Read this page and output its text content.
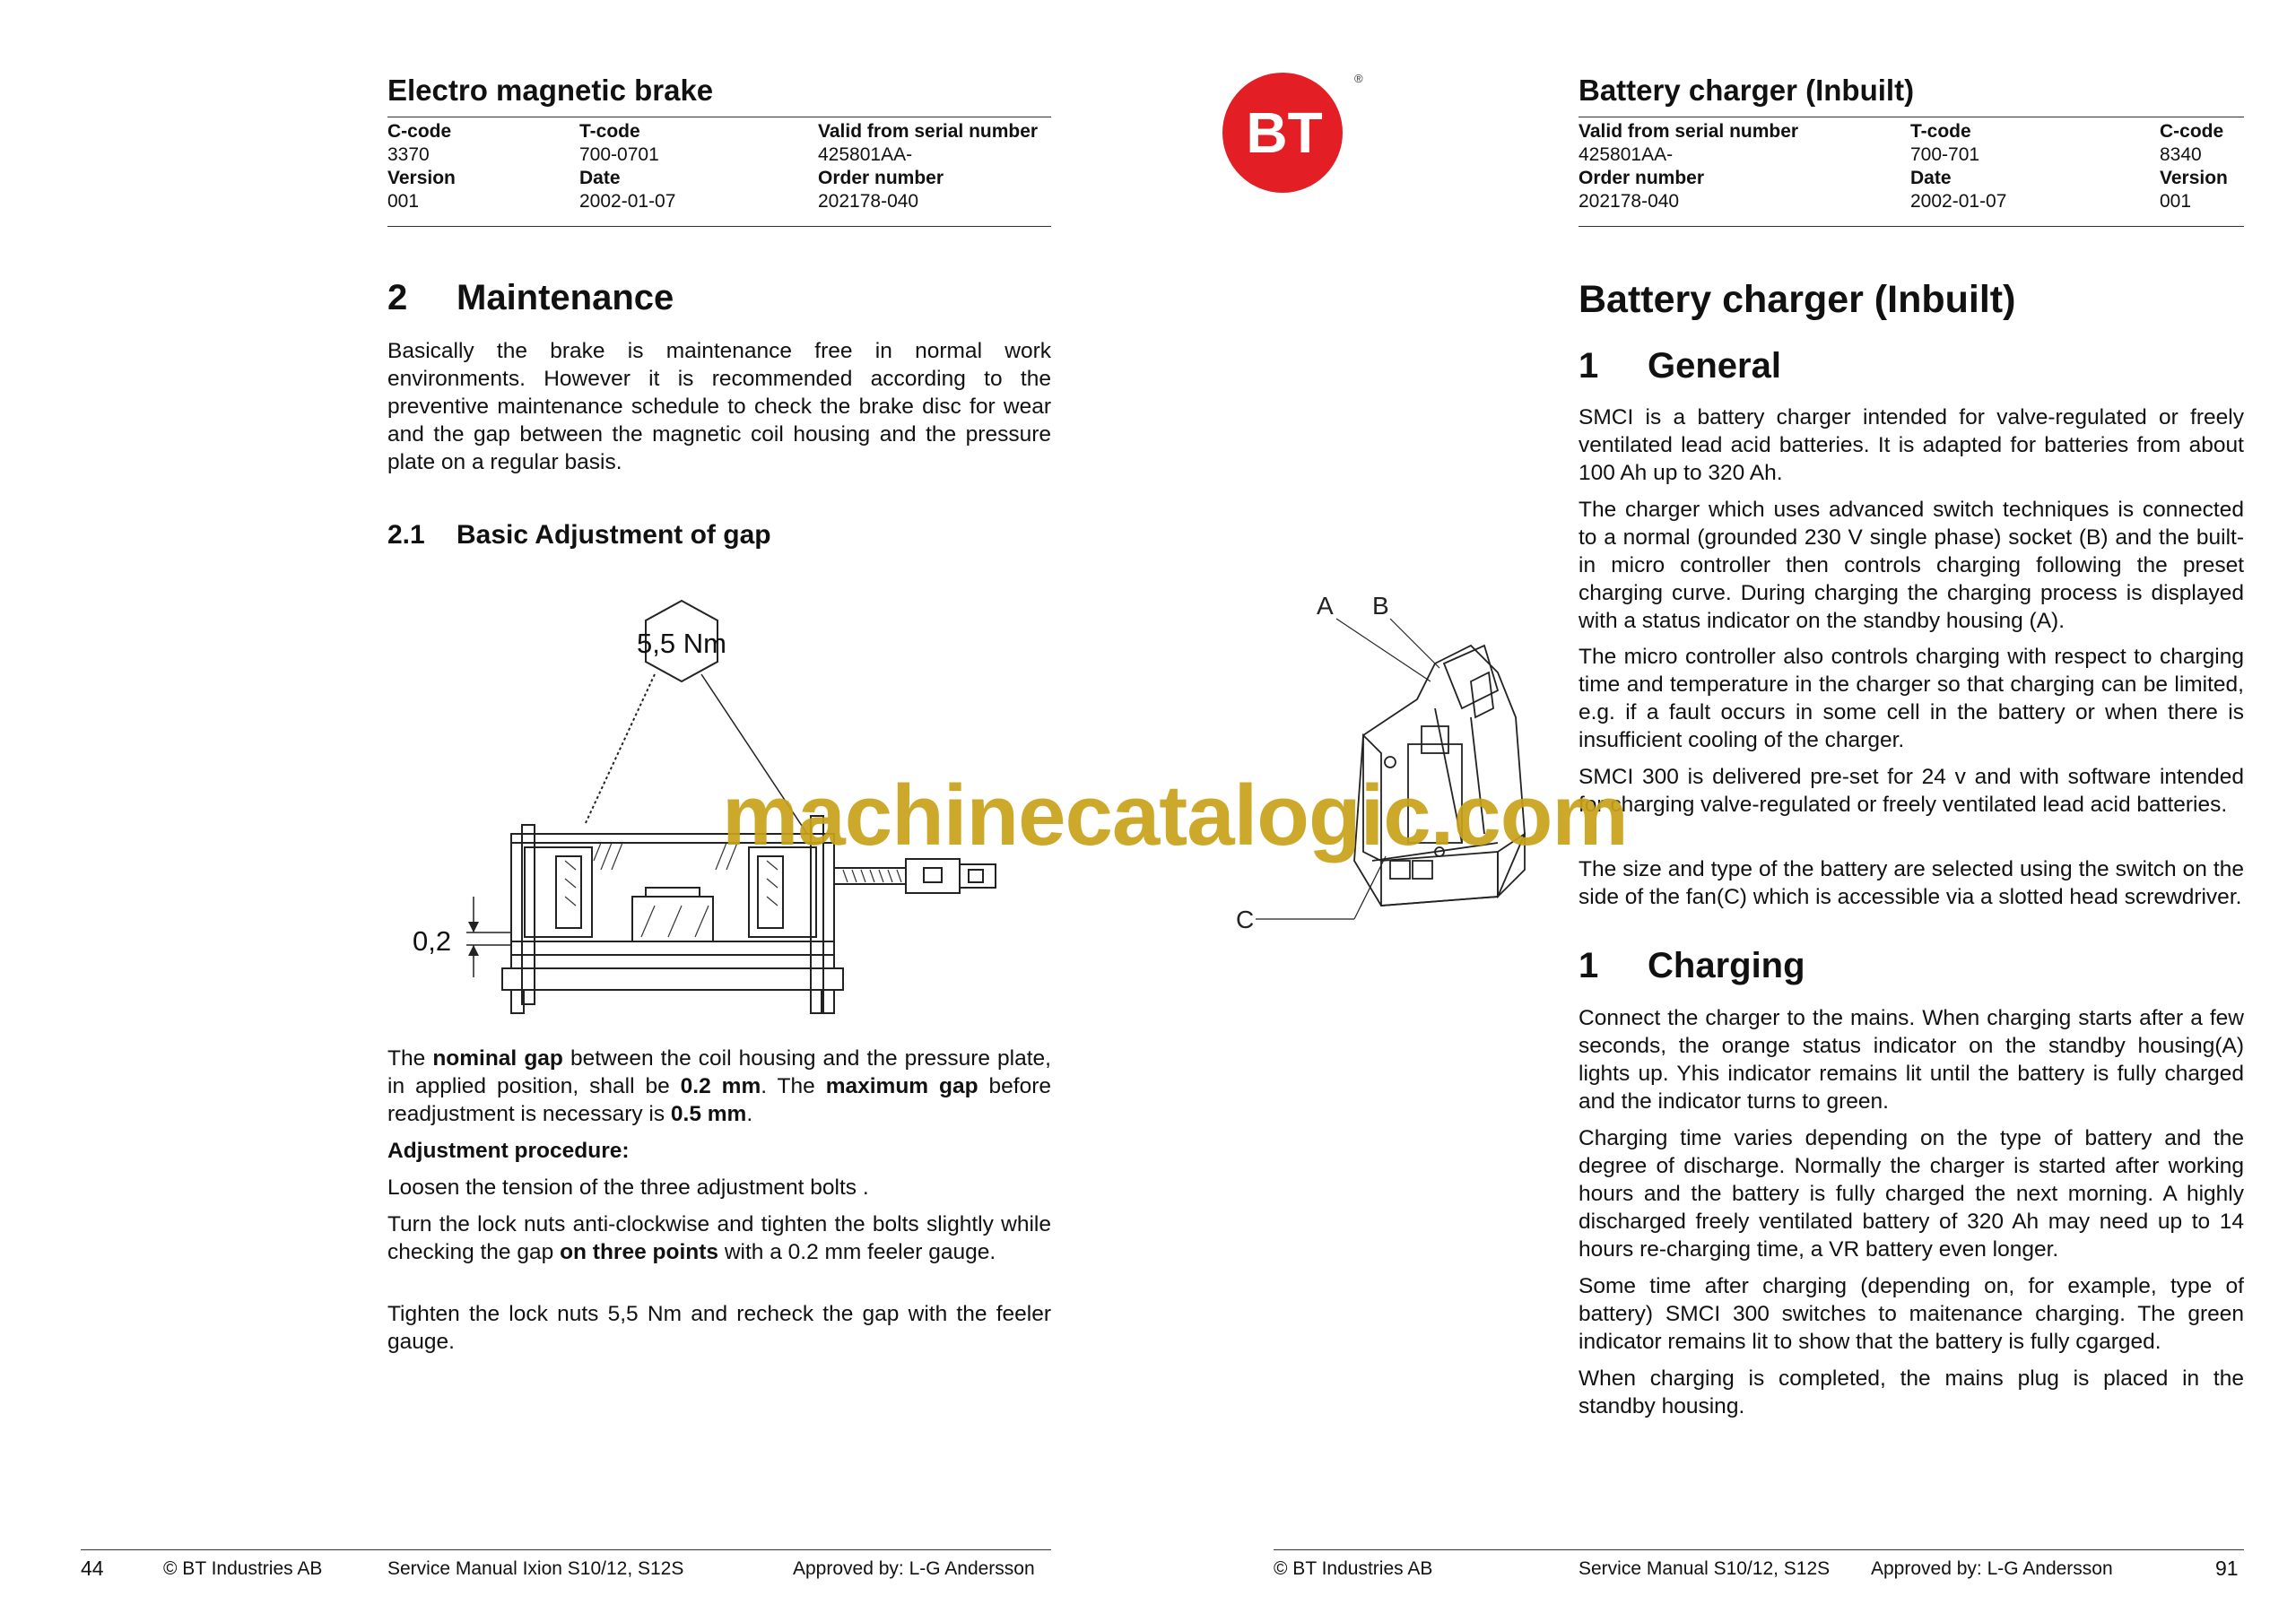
Electro magnetic brake
C-code	T-code	Valid from serial number
3370	700-0701	425801AA-
Version	Date	Order number
001	2002-01-07	202178-040
2 Maintenance

Basically the brake is maintenance free in normal work environments. However it is recommended according to the preventive maintenance schedule to check the brake disc for wear and the gap between the magnetic coil housing and the pressure plate on a regular basis.

2.1 Basic Adjustment of gap
5,5 Nm
0,2

The nominal gap between the coil housing and the pressure plate, in applied position, shall be 0.2 mm. The maximum gap before readjustment is necessary is 0.5 mm.

Adjustment procedure:

Loosen the tension of the three adjustment bolts .

Turn the lock nuts anti-clockwise and tighten the bolts slightly while checking the gap on three points with a 0.2 mm feeler gauge.

Tighten the lock nuts 5,5 Nm and recheck the gap with the feeler gauge.

44	© BT Industries AB	Service Manual Ixion S10/12, S12S	Approved by: L-G Andersson
BT
®
A B
C
Battery charger (Inbuilt)
Valid from serial number	T-code	C-code
425801AA-	700-701	8340
Order number	Date	Version
202178-040	2002-01-07	001
Battery charger (Inbuilt)
1 General

SMCI is a battery charger intended for valve-regulated or freely ventilated lead acid batteries. It is adapted for batteries from about 100 Ah up to 320 Ah.

The charger which uses advanced switch techniques is connected to a normal (grounded 230 V single phase) socket (B) and the built-in micro controller then controls charging following the preset charging curve. During charging the charging process is displayed with a status indicator on the standby housing (A).

The micro controller also controls charging with respect to charging time and temperature in the charger so that charging can be limited, e.g. if a fault occurs in some cell in the battery or when there is insufficient cooling of the charger.

SMCI 300 is delivered pre-set for 24 v and with software intended for charging valve-regulated or freely ventilated lead acid batteries.

The size and type of the battery are selected using the switch on the side of the fan(C) which is accessible via a slotted head screwdriver.

1 Charging

Connect the charger to the mains. When charging starts after a few seconds, the orange status indicator on the standby housing(A) lights up. Yhis indicator remains lit until the battery is fully charged and the indicator turns to green.

Charging time varies depending on the type of battery and the degree of discharge. Normally the charger is started after working hours and the battery is fully charged the next morning. A highly discharged freely ventilated battery of 320 Ah may need up to 14 hours re-charging time, a VR battery even longer.

Some time after charging (depending on, for example, type of battery) SMCI 300 switches to maitenance charging. The green indicator remains lit to show that the battery is fully cgarged.

When charging is completed, the mains plug is placed in the standby housing.

© BT Industries AB	Service Manual S10/12, S12S Approved by: L-G Andersson	91
machinecatalogic.com
